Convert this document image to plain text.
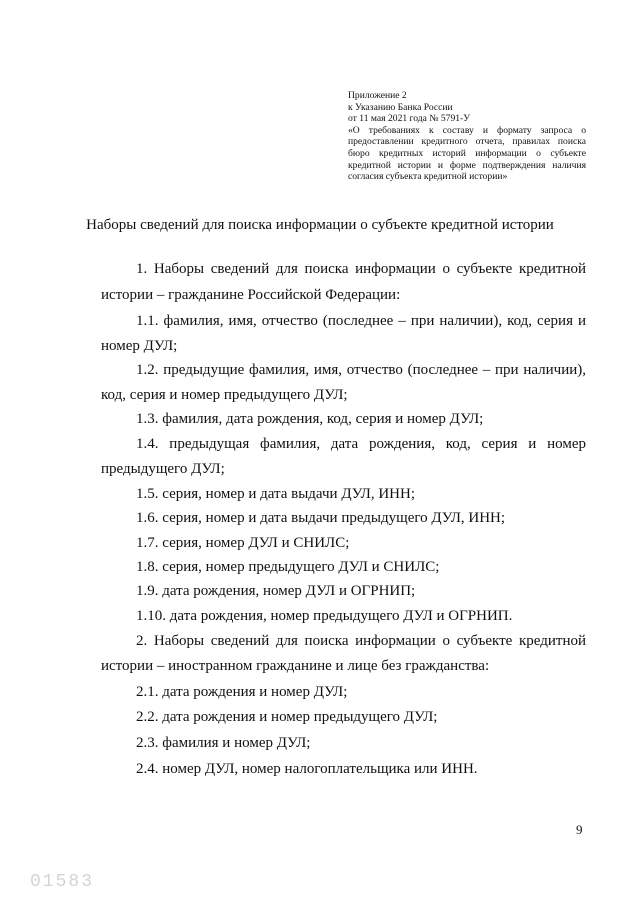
Приложение 2
к Указанию Банка России
от 11 мая 2021 года № 5791-У
«О требованиях к составу и формату запроса о
предоставлении кредитного отчета, правилах поиска
бюро кредитных историй информации о субъекте
кредитной истории и форме подтверждения наличия
согласия субъекта кредитной истории»
Наборы сведений для поиска информации о субъекте кредитной истории
1. Наборы сведений для поиска информации о субъекте кредитной
истории – гражданине Российской Федерации:
1.1. фамилия, имя, отчество (последнее – при наличии), код, серия и
номер ДУЛ;
1.2. предыдущие фамилия, имя, отчество (последнее – при наличии),
код, серия и номер предыдущего ДУЛ;
1.3. фамилия, дата рождения, код, серия и номер ДУЛ;
1.4. предыдущая фамилия, дата рождения, код, серия и номер
предыдущего ДУЛ;
1.5. серия, номер и дата выдачи ДУЛ, ИНН;
1.6. серия, номер и дата выдачи предыдущего ДУЛ, ИНН;
1.7. серия, номер ДУЛ и СНИЛС;
1.8. серия, номер предыдущего ДУЛ и СНИЛС;
1.9. дата рождения, номер ДУЛ и ОГРНИП;
1.10. дата рождения, номер предыдущего ДУЛ и ОГРНИП.
2. Наборы сведений для поиска информации о субъекте кредитной
истории – иностранном гражданине и лице без гражданства:
2.1. дата рождения и номер ДУЛ;
2.2. дата рождения и номер предыдущего ДУЛ;
2.3. фамилия и номер ДУЛ;
2.4. номер ДУЛ, номер налогоплательщика или ИНН.
9
01583
